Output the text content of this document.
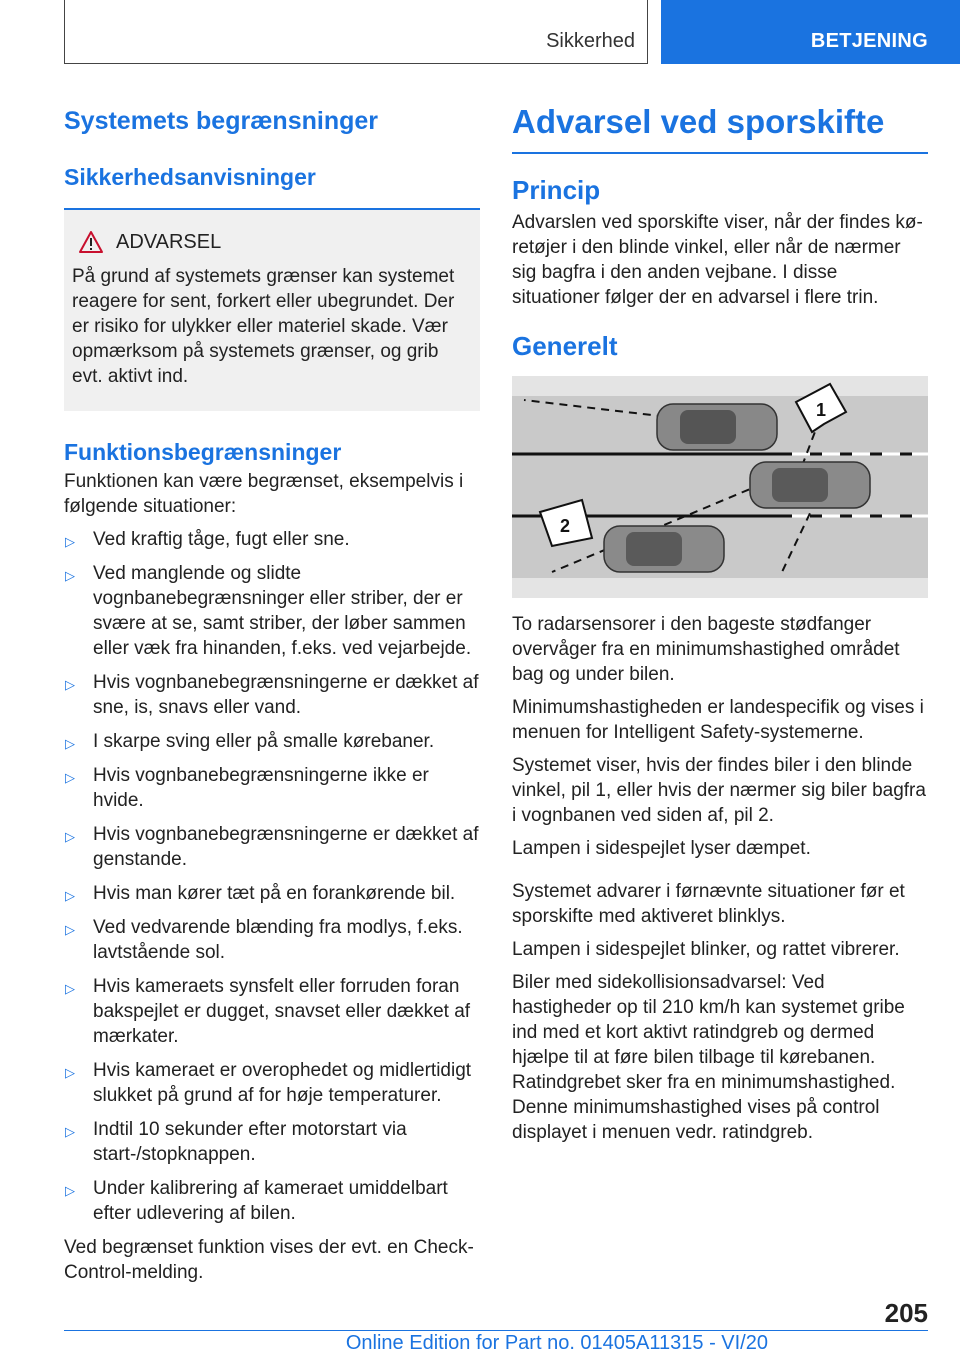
Sikkerhed	BETJENING
Systemets begrænsninger
Sikkerhedsanvisninger
ADVARSEL

På grund af systemets grænser kan systemet reagere for sent, forkert eller ubegrundet. Der er risiko for ulykker eller materiel skade. Vær opmærksom på systemets grænser, og grib evt. aktivt ind.

Funktionsbegrænsninger

Funktionen kan være begrænset, eksempelvis i følgende situationer:

▷ Ved kraftig tåge, fugt eller sne.
▷ Ved manglende og slidte vognbanebegrænsninger eller striber, der er svære at se, samt striber, der løber sammen eller væk fra hinanden, f.eks. ved vejarbejde.
▷ Hvis vognbanebegrænsningerne er dækket af sne, is, snavs eller vand.
▷ I skarpe sving eller på smalle kørebaner.
▷ Hvis vognbanebegrænsningerne ikke er hvide.
▷ Hvis vognbanebegrænsningerne er dækket af genstande.
▷ Hvis man kører tæt på en forankørende bil.
▷ Ved vedvarende blænding fra modlys, f.eks. lavtstående sol.
▷ Hvis kameraets synsfelt eller forruden foran bakspejlet er dugget, snavset eller dækket af mærkater.
▷ Hvis kameraet er overophedet og midlertidigt slukket på grund af for høje temperaturer.
▷ Indtil 10 sekunder efter motorstart via start-/stopknappen.
▷ Under kalibrering af kameraet umiddelbart efter udlevering af bilen.

Ved begrænset funktion vises der evt. en Check-Control-melding.

Advarsel ved sporskifte
Princip

Advarslen ved sporskifte viser, når der findes kø-retøjer i den blinde vinkel, eller når de nærmer sig bagfra i den anden vejbane. I disse situationer følger der en advarsel i flere trin.

Generelt
1
2

To radarsensorer i den bageste stødfanger overvåger fra en minimumshastighed området bag og under bilen.

Minimumshastigheden er landespecifik og vises i menuen for Intelligent Safety-systemerne.

Systemet viser, hvis der findes biler i den blinde vinkel, pil 1, eller hvis der nærmer sig biler bagfra i vognbanen ved siden af, pil 2.

Lampen i sidespejlet lyser dæmpet.

Systemet advarer i førnævnte situationer før et sporskifte med aktiveret blinklys.

Lampen i sidespejlet blinker, og rattet vibrerer.

Biler med sidekollisionsadvarsel: Ved hastigheder op til 210 km/h kan systemet gribe ind med et kort aktivt ratindgreb og dermed hjælpe til at føre bilen tilbage til kørebanen. Ratindgrebet sker fra en minimumshastighed. Denne minimumshastighed vises på control displayet i menuen vedr. ratindgreb.

205
Online Edition for Part no. 01405A11315 - VI/20
